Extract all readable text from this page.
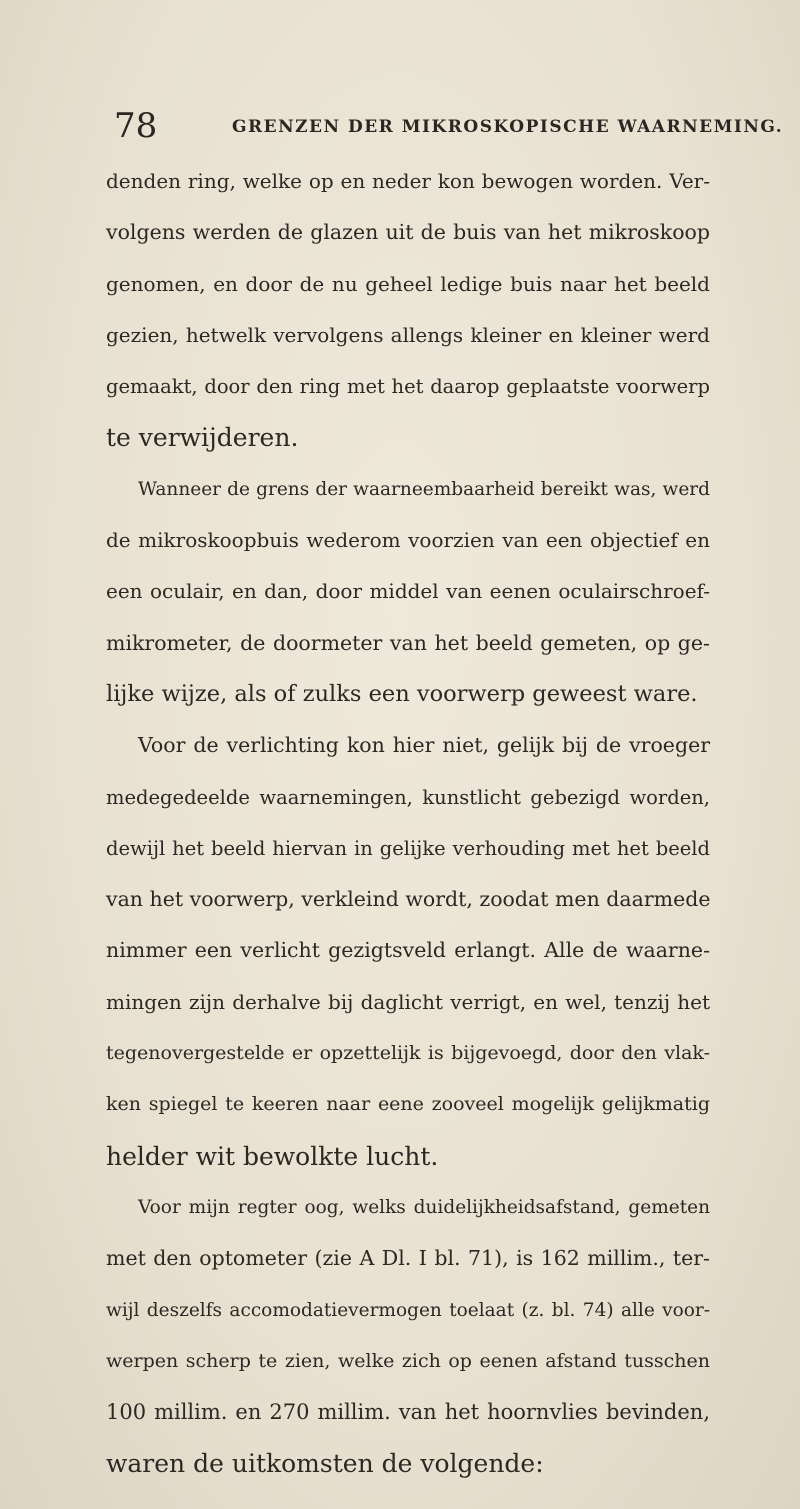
78	GRENZEN DER MIKROSKOPISCHE WAARNEMING.
denden ring, welke op en neder kon bewogen worden. Ver-
volgens werden de glazen uit de buis van het mikroskoop
genomen, en door de nu geheel ledige buis naar het beeld
gezien, hetwelk vervolgens allengs kleiner en kleiner werd
gemaakt, door den ring met het daarop geplaatste voorwerp
te verwijderen.
Wanneer de grens der waarneembaarheid bereikt was, werd
de mikroskoopbuis wederom voorzien van een objectief en
een oculair, en dan, door middel van eenen oculairschroef-
mikrometer, de doormeter van het beeld gemeten, op ge-
lijke wijze, als of zulks een voorwerp geweest ware.
Voor de verlichting kon hier niet, gelijk bij de vroeger
medegedeelde waarnemingen, kunstlicht gebezigd worden,
dewijl het beeld hiervan in gelijke verhouding met het beeld
van het voorwerp, verkleind wordt, zoodat men daarmede
nimmer een verlicht gezigtsveld erlangt. Alle de waarne-
mingen zijn derhalve bij daglicht verrigt, en wel, tenzij het
tegenovergestelde er opzettelijk is bijgevoegd, door den vlak-
ken spiegel te keeren naar eene zooveel mogelijk gelijkmatig
helder wit bewolkte lucht.
Voor mijn regter oog, welks duidelijkheidsafstand, gemeten
met den optometer (zie A Dl. I bl. 71), is 162 millim., ter-
wijl deszelfs accomodatievermogen toelaat (z. bl. 74) alle voor-
werpen scherp te zien, welke zich op eenen afstand tusschen
100 millim. en 270 millim. van het hoornvlies bevinden,
waren de uitkomsten de volgende:
